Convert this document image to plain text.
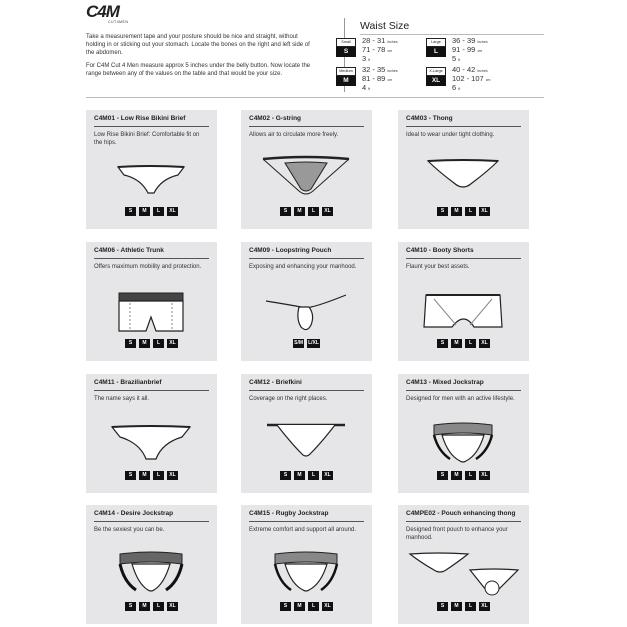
C4M
CUT4MEN

Take a measurement tape and your posture should be nice and straight, without holding in or sticking out your stomach. Locate the bones on the right and left side of the abdomen.

For C4M Cut 4 Men measure approx 5 inches under the belly button. Now locate the range between any of the values on the table and that would be your size.

Waist Size
Small
S
28 - 31 inches
71 - 78 cm
3 ft
Medium
M
32 - 35 inches
81 - 89 cm
4 ft
Large
L
36 - 39 inches
91 - 99 cm
5 ft
X-Large
XL
40 - 42 inches
102 - 107 cm
6 ft
C4M01 - Low Rise Bikini Brief
Low Rise Bikini Brief: Comfortable fit on the hips.
S M L XL
C4M02 - G-string
Allows air to circulate more freely.
S M L XL
C4M03 - Thong
Ideal to wear under tight clothing.
S M L XL
C4M06 - Athletic Trunk
Offers maximum mobility and protection.
S M L XL
C4M09 - Loopstring Pouch
Exposing and enhancing your manhood.
S/M L/XL
C4M10 - Booty Shorts
Flaunt your best assets.
S M L XL
C4M11 - Brazilianbrief
The name says it all.
S M L XL
C4M12 - Briefkini
Coverage on the right places.
S M L XL
C4M13 - Mixed Jockstrap
Designed for men with an active lifestyle.
S M L XL
C4M14 - Desire Jockstrap
Be the sexiest you can be.
S M L XL
C4M15 - Rugby Jockstrap
Extreme comfort and support all around.
S M L XL
C4MPE02 - Pouch enhancing thong
Designed front pouch to enhance your manhood.
S M L XL
